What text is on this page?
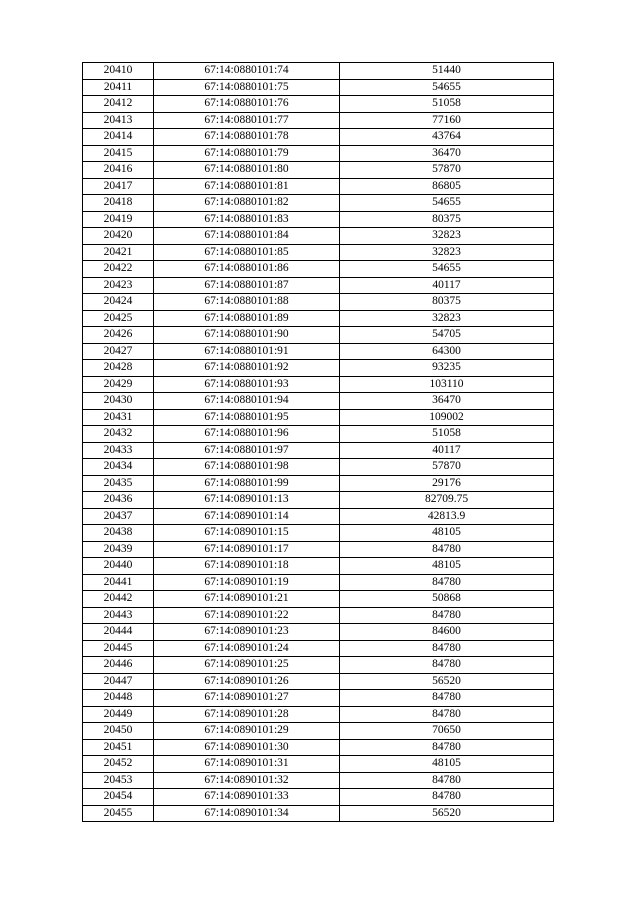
20410	67:14:0880101:74	51440
20411	67:14:0880101:75	54655
20412	67:14:0880101:76	51058
20413	67:14:0880101:77	77160
20414	67:14:0880101:78	43764
20415	67:14:0880101:79	36470
20416	67:14:0880101:80	57870
20417	67:14:0880101:81	86805
20418	67:14:0880101:82	54655
20419	67:14:0880101:83	80375
20420	67:14:0880101:84	32823
20421	67:14:0880101:85	32823
20422	67:14:0880101:86	54655
20423	67:14:0880101:87	40117
20424	67:14:0880101:88	80375
20425	67:14:0880101:89	32823
20426	67:14:0880101:90	54705
20427	67:14:0880101:91	64300
20428	67:14:0880101:92	93235
20429	67:14:0880101:93	103110
20430	67:14:0880101:94	36470
20431	67:14:0880101:95	109002
20432	67:14:0880101:96	51058
20433	67:14:0880101:97	40117
20434	67:14:0880101:98	57870
20435	67:14:0880101:99	29176
20436	67:14:0890101:13	82709.75
20437	67:14:0890101:14	42813.9
20438	67:14:0890101:15	48105
20439	67:14:0890101:17	84780
20440	67:14:0890101:18	48105
20441	67:14:0890101:19	84780
20442	67:14:0890101:21	50868
20443	67:14:0890101:22	84780
20444	67:14:0890101:23	84600
20445	67:14:0890101:24	84780
20446	67:14:0890101:25	84780
20447	67:14:0890101:26	56520
20448	67:14:0890101:27	84780
20449	67:14:0890101:28	84780
20450	67:14:0890101:29	70650
20451	67:14:0890101:30	84780
20452	67:14:0890101:31	48105
20453	67:14:0890101:32	84780
20454	67:14:0890101:33	84780
20455	67:14:0890101:34	56520
